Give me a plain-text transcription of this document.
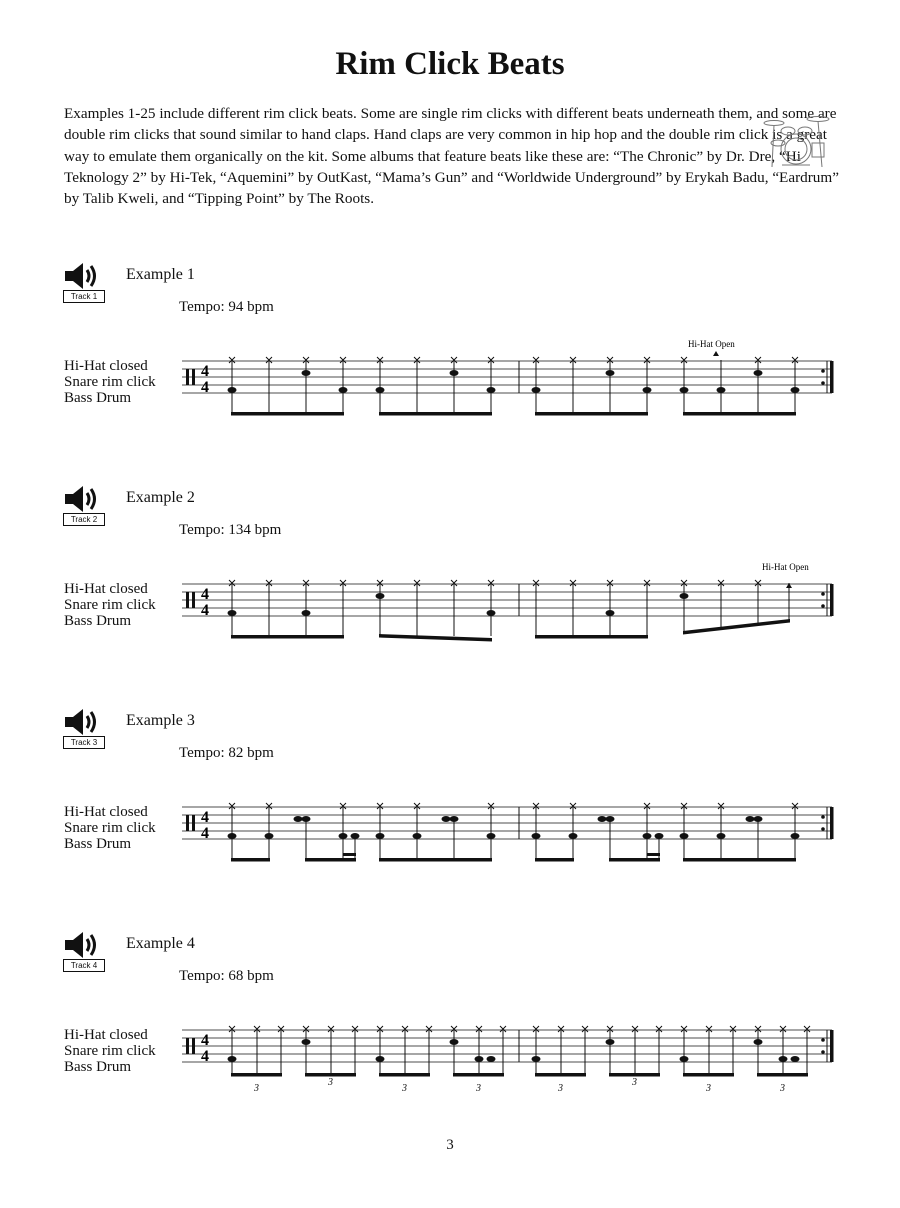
Rim Click Beats

Examples 1-25 include different rim click beats. Some are single rim clicks with different beats underneath them, and some are double rim clicks that sound similar to hand claps. Hand claps are very common in hip hop and the double rim click is a great way to emulate them organically on the kit. Some albums that feature beats like these are: “The Chronic” by Dr. Dre, “Hi Teknology 2” by Hi-Tek, “Aquemini” by OutKast, “Mama’s Gun” and “Worldwide Underground” by Erykah Badu, “Eardrum” by Talib Kweli, and “Tipping Point” by The Roots.

Track 1
Example 1
Tempo: 94 bpm
Hi-Hat closed
Snare rim click
Bass Drum
4
4
Hi-Hat Open
Track 2
Example 2
Tempo: 134 bpm
Hi-Hat closed
Snare rim click
Bass Drum
4
4
Hi-Hat Open
Track 3
Example 3
Tempo: 82 bpm
Hi-Hat closed
Snare rim click
Bass Drum
4
4
Track 4
Example 4
Tempo: 68 bpm
Hi-Hat closed
Snare rim click
Bass Drum
4
4
3
3
3	3	3
3
3	3
3
